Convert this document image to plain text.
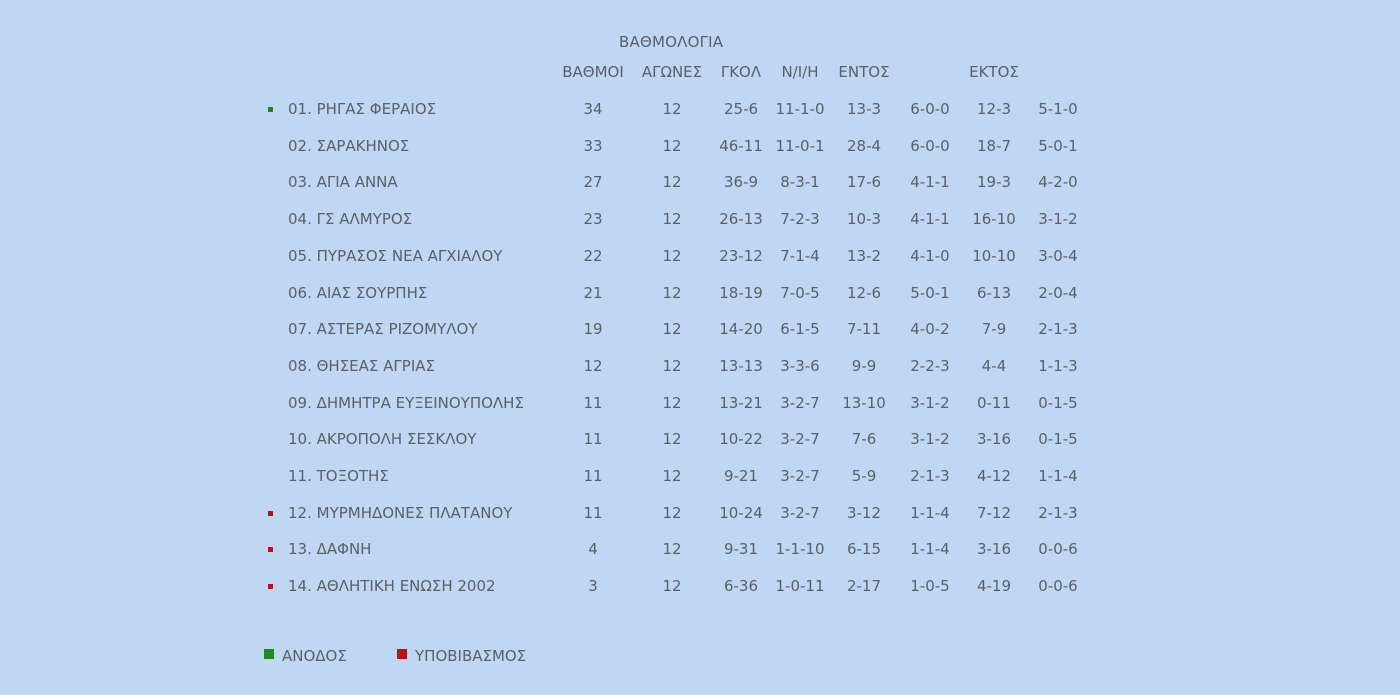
ΒΑΘΜΟΛΟΓΙΑ
ΒΑΘΜΟΙ ΑΓΩΝΕΣ ΓΚΟΛ Ν/Ι/Η ΕΝΤΟΣ	ΕΚΤΟΣ
01. ΡΗΓΑΣ ΦΕΡΑΙΟΣ	34	12	25-6 11-1-0 13-3 6-0-0 12-3 5-1-0
02. ΣΑΡΑΚΗΝΟΣ	33	12	46-11 11-0-1 28-4 6-0-0 18-7 5-0-1
03. ΑΓΙΑ ΑΝΝΑ	27	12	36-9 8-3-1 17-6 4-1-1 19-3 4-2-0
04. ΓΣ ΑΛΜΥΡΟΣ	23	12	26-13 7-2-3 10-3 4-1-1 16-10 3-1-2
05. ΠΥΡΑΣΟΣ ΝΕΑ ΑΓΧΙΑΛΟΥ	22	12	23-12 7-1-4 13-2 4-1-0 10-10 3-0-4
06. ΑΙΑΣ ΣΟΥΡΠΗΣ	21	12	18-19 7-0-5 12-6 5-0-1 6-13 2-0-4
07. ΑΣΤΕΡΑΣ ΡΙΖΟΜΥΛΟΥ	19	12	14-20 6-1-5 7-11 4-0-2 7-9 2-1-3
08. ΘΗΣΕΑΣ ΑΓΡΙΑΣ	12	12	13-13 3-3-6 9-9 2-2-3 4-4 1-1-3
09. ΔΗΜΗΤΡΑ ΕΥΞΕΙΝΟΥΠΟΛΗΣ	11	12	13-21 3-2-7 13-10 3-1-2 0-11 0-1-5
10. ΑΚΡΟΠΟΛΗ ΣΕΣΚΛΟΥ	11	12	10-22 3-2-7 7-6 3-1-2 3-16 0-1-5
11. ΤΟΞΟΤΗΣ	11	12	9-21 3-2-7 5-9 2-1-3 4-12 1-1-4
12. ΜΥΡΜΗΔΟΝΕΣ ΠΛΑΤΑΝΟΥ	11	12	10-24 3-2-7 3-12 1-1-4 7-12 2-1-3
13. ΔΑΦΝΗ	4	12	9-31 1-1-10 6-15 1-1-4 3-16 0-0-6
14. ΑΘΛΗΤΙΚΗ ΕΝΩΣΗ 2002	3	12	6-36 1-0-11 2-17 1-0-5 4-19 0-0-6
ΑΝΟΔΟΣ	ΥΠΟΒΙΒΑΣΜΟΣ
